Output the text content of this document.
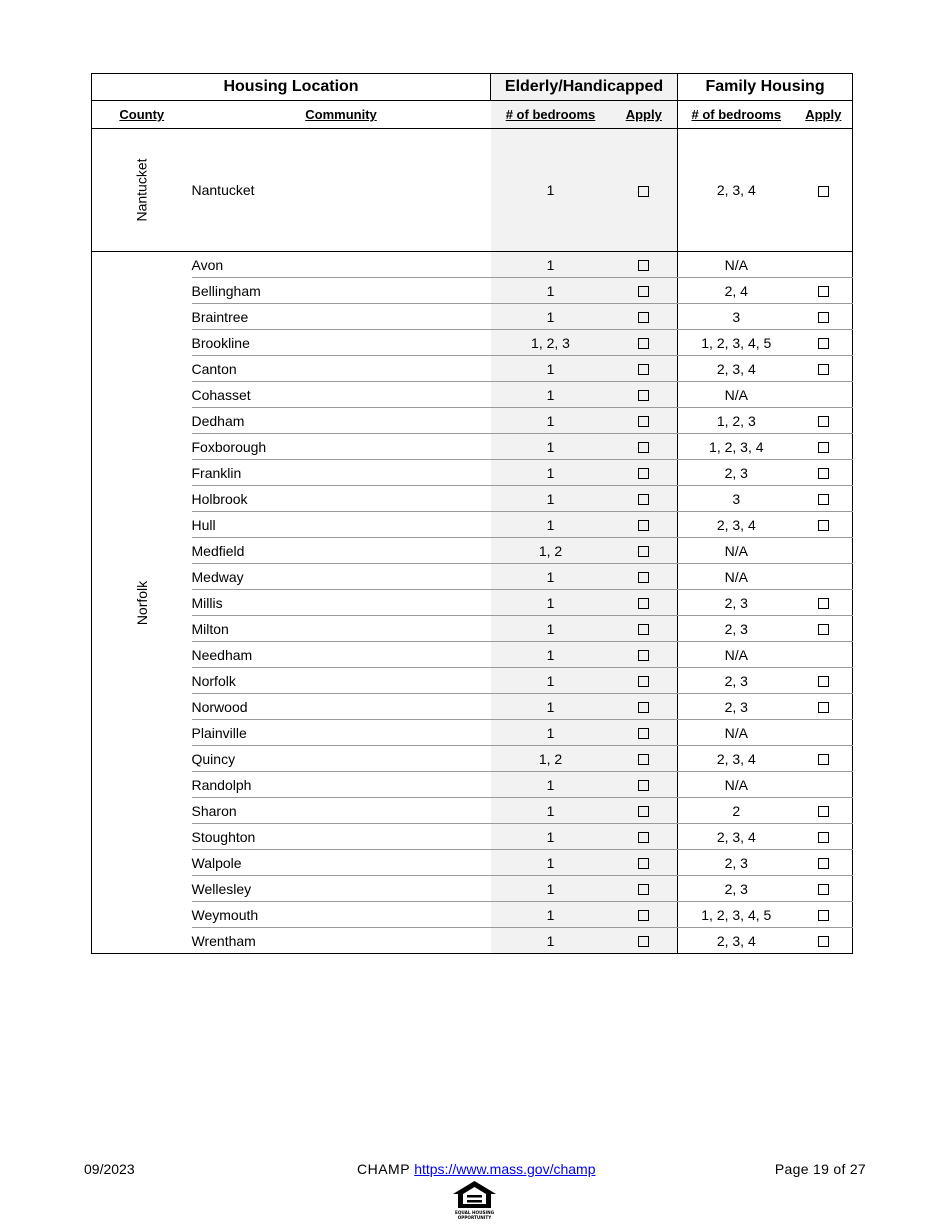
Housing Location		Elderly/Handicapped		Family Housing	
County	Community	# of bedrooms	Apply	# of bedrooms	Apply
Nantucket	Nantucket	1		2, 3, 4	
Norfolk	Avon	1		N/A	
	Bellingham	1		2, 4	
	Braintree	1		3	
	Brookline	1, 2, 3		1, 2, 3, 4, 5	
	Canton	1		2, 3, 4	
	Cohasset	1		N/A	
	Dedham	1		1, 2, 3	
	Foxborough	1		1, 2, 3, 4	
	Franklin	1		2, 3	
	Holbrook	1		3	
	Hull	1		2, 3, 4	
	Medfield	1, 2		N/A	
	Medway	1		N/A	
	Millis	1		2, 3	
	Milton	1		2, 3	
	Needham	1		N/A	
	Norfolk	1		2, 3	
	Norwood	1		2, 3	
	Plainville	1		N/A	
	Quincy	1, 2		2, 3, 4	
	Randolph	1		N/A	
	Sharon	1		2	
	Stoughton	1		2, 3, 4	
	Walpole	1		2, 3	
	Wellesley	1		2, 3	
	Weymouth	1		1, 2, 3, 4, 5	
	Wrentham	1		2, 3, 4	
09/2023	CHAMP https://www.mass.gov/champ	Page 19 of 27
EQUAL HOUSING
OPPORTUNITY
